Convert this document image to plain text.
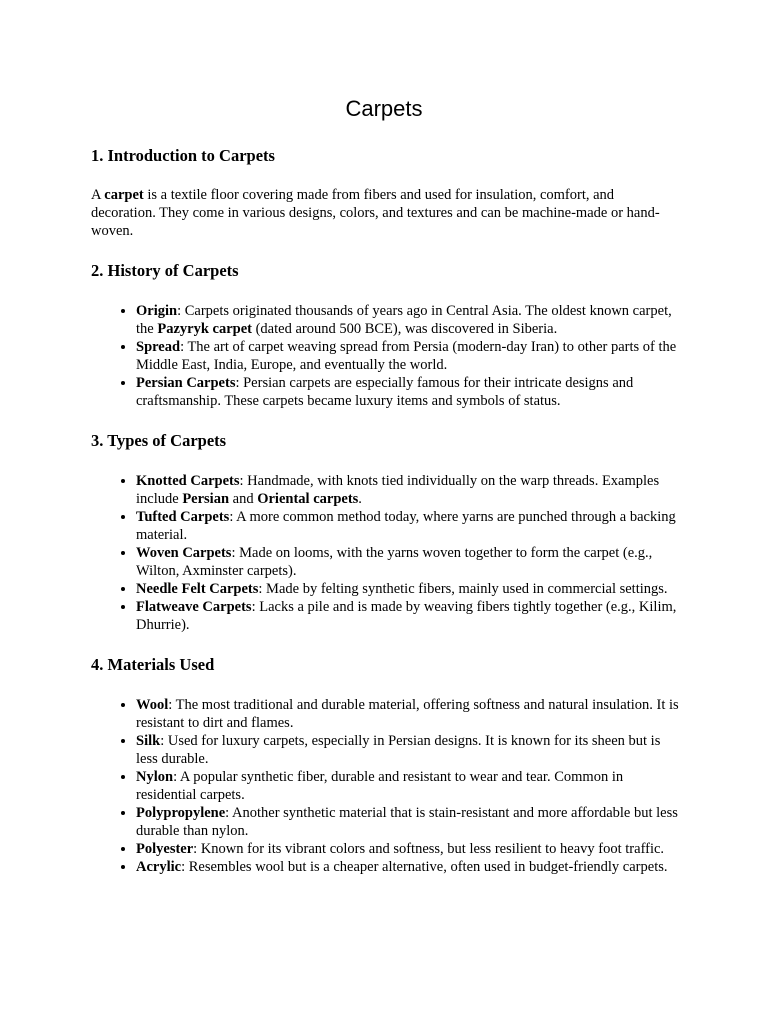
Carpets
1. Introduction to Carpets

A carpet is a textile floor covering made from fibers and used for insulation, comfort, and decoration. They come in various designs, colors, and textures and can be machine-made or hand-woven.

2. History of Carpets
• Origin: Carpets originated thousands of years ago in Central Asia. The oldest known carpet, the Pazyryk carpet (dated around 500 BCE), was discovered in Siberia.
• Spread: The art of carpet weaving spread from Persia (modern-day Iran) to other parts of the Middle East, India, Europe, and eventually the world.
• Persian Carpets: Persian carpets are especially famous for their intricate designs and craftsmanship. These carpets became luxury items and symbols of status.
3. Types of Carpets
• Knotted Carpets: Handmade, with knots tied individually on the warp threads. Examples include Persian and Oriental carpets.
• Tufted Carpets: A more common method today, where yarns are punched through a backing material.
• Woven Carpets: Made on looms, with the yarns woven together to form the carpet (e.g., Wilton, Axminster carpets).
• Needle Felt Carpets: Made by felting synthetic fibers, mainly used in commercial settings.
• Flatweave Carpets: Lacks a pile and is made by weaving fibers tightly together (e.g., Kilim, Dhurrie).
4. Materials Used
• Wool: The most traditional and durable material, offering softness and natural insulation. It is resistant to dirt and flames.
• Silk: Used for luxury carpets, especially in Persian designs. It is known for its sheen but is less durable.
• Nylon: A popular synthetic fiber, durable and resistant to wear and tear. Common in residential carpets.
• Polypropylene: Another synthetic material that is stain-resistant and more affordable but less durable than nylon.
• Polyester: Known for its vibrant colors and softness, but less resilient to heavy foot traffic.
• Acrylic: Resembles wool but is a cheaper alternative, often used in budget-friendly carpets.
